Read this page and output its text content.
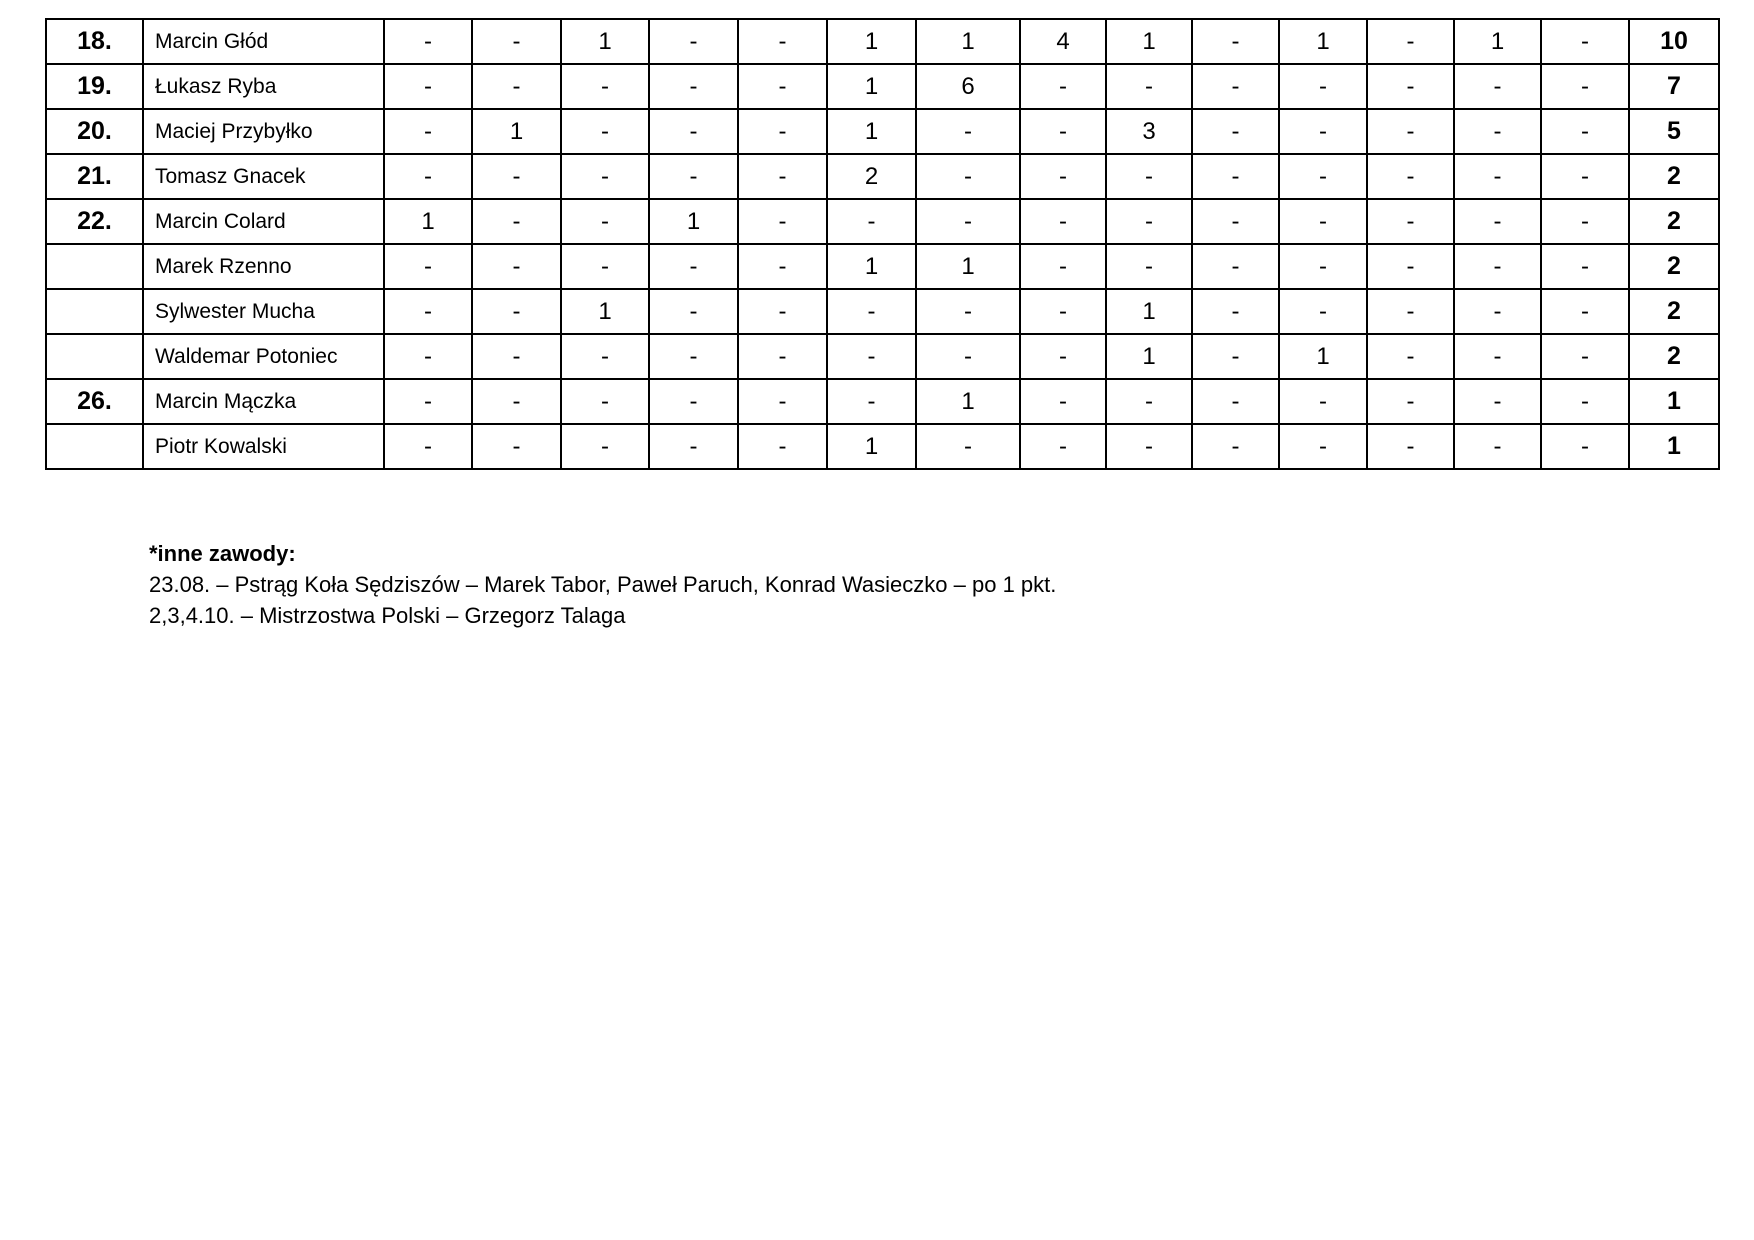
18.	Marcin Głód	-	-	1	-	-	1	1	4	1	-	1	-	1	-	10
19.	Łukasz Ryba	-	-	-	-	-	1	6	-	-	-	-	-	-	-	7
20.	Maciej Przybyłko	-	1	-	-	-	1	-	-	3	-	-	-	-	-	5
21.	Tomasz Gnacek	-	-	-	-	-	2	-	-	-	-	-	-	-	-	2
22.	Marcin Colard	1	-	-	1	-	-	-	-	-	-	-	-	-	-	2
	Marek Rzenno	-	-	-	-	-	1	1	-	-	-	-	-	-	-	2
	Sylwester Mucha	-	-	1	-	-	-	-	-	1	-	-	-	-	-	2
	Waldemar Potoniec	-	-	-	-	-	-	-	-	1	-	1	-	-	-	2
26.	Marcin Mączka	-	-	-	-	-	-	1	-	-	-	-	-	-	-	1
	Piotr Kowalski	-	-	-	-	-	1	-	-	-	-	-	-	-	-	1
*inne zawody:
23.08. – Pstrąg Koła Sędziszów – Marek Tabor, Paweł Paruch, Konrad Wasieczko – po 1 pkt.
2,3,4.10. – Mistrzostwa Polski – Grzegorz Talaga
